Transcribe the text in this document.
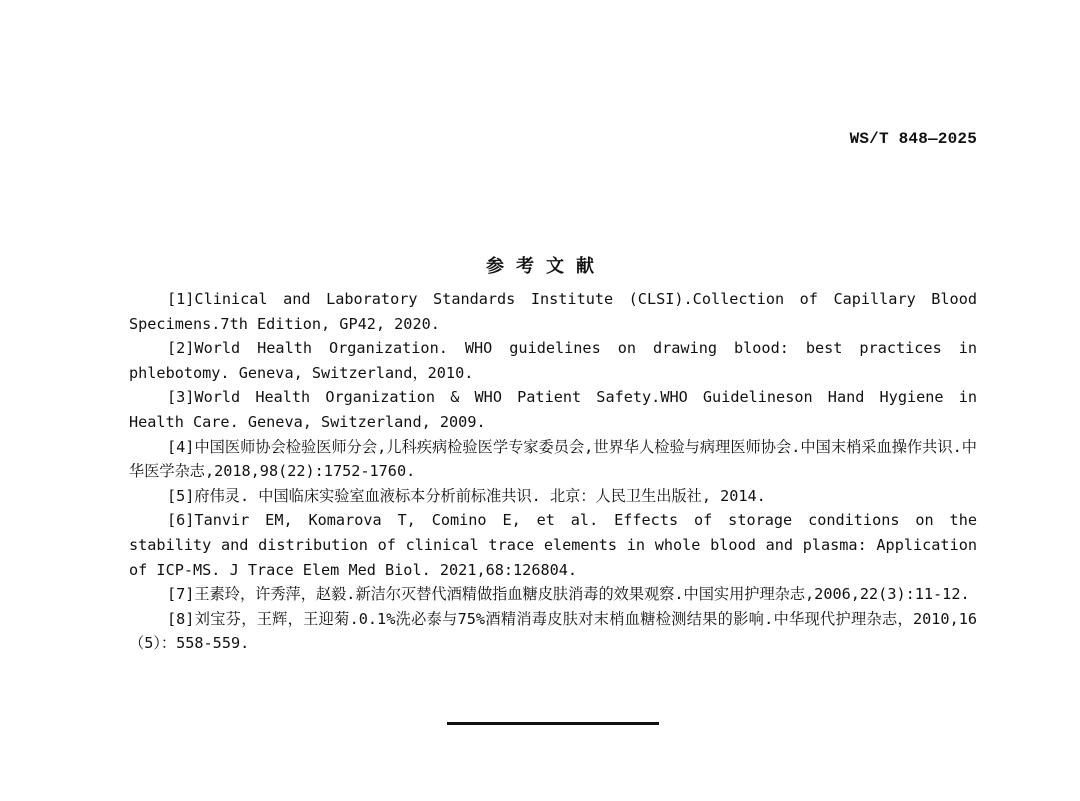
WS/T 848—2025
参考文献
[1]Clinical and Laboratory Standards Institute (CLSI).Collection of Capillary Blood Specimens.7th Edition, GP42, 2020.
[2]World Health Organization. WHO guidelines on drawing blood: best practices in phlebotomy. Geneva, Switzerland，2010.
[3]World Health Organization & WHO Patient Safety.WHO Guidelineson Hand Hygiene in Health Care. Geneva, Switzerland, 2009.
[4]中国医师协会检验医师分会,儿科疾病检验医学专家委员会,世界华人检验与病理医师协会.中国末梢采血操作共识.中华医学杂志,2018,98(22):1752-1760.
[5]府伟灵. 中国临床实验室血液标本分析前标准共识. 北京：人民卫生出版社, 2014.
[6]Tanvir EM, Komarova T, Comino E, et al. Effects of storage conditions on the stability and distribution of clinical trace elements in whole blood and plasma: Application of ICP-MS. J Trace Elem Med Biol. 2021,68:126804.
[7]王素玲，许秀萍，赵毅.新洁尔灭替代酒精做指血糖皮肤消毒的效果观察.中国实用护理杂志,2006,22(3):11-12.
[8]刘宝芬，王辉，王迎菊.0.1%洗必泰与75%酒精消毒皮肤对末梢血糖检测结果的影响.中华现代护理杂志，2010,16（5）：558-559.
